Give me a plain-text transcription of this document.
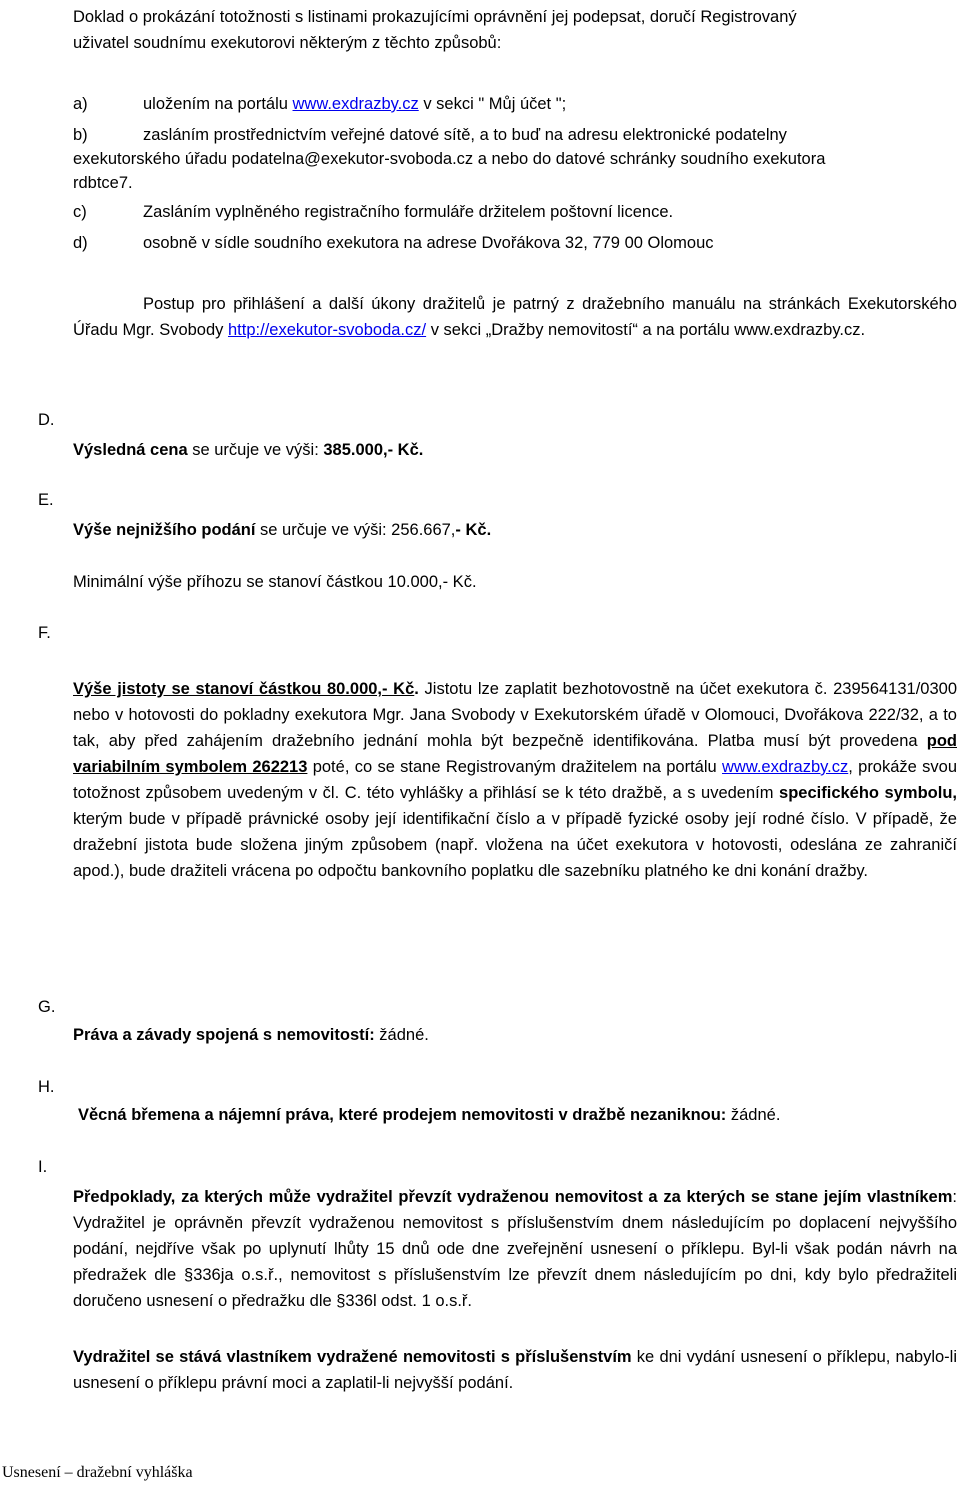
Doklad o prokázání totožnosti s listinami prokazujícími oprávnění jej podepsat, doručí Registrovaný
uživatel soudnímu exekutorovi některým z těchto způsobů:
a)	uložením na portálu www.exdrazby.cz v sekci " Můj účet ";
b)	zasláním prostřednictvím veřejné datové sítě, a to buď na adresu elektronické podatelny
exekutorského úřadu podatelna@exekutor-svoboda.cz a nebo do datové schránky soudního exekutora
rdbtce7.
c)	Zasláním vyplněného registračního formuláře držitelem poštovní licence.
d)	osobně v sídle soudního exekutora na adrese Dvořákova 32, 779 00 Olomouc
Postup pro přihlášení a další úkony dražitelů je patrný z dražebního manuálu na stránkách Exekutorského Úřadu Mgr. Svobody http://exekutor-svoboda.cz/ v sekci „Dražby nemovitostí“ a na portálu www.exdrazby.cz.
D.
Výsledná cena se určuje ve výši: 385.000,- Kč.
E.
Výše nejnižšího podání se určuje ve výši: 256.667,- Kč.
Minimální výše příhozu se stanoví částkou 10.000,- Kč.
F.
Výše jistoty se stanoví částkou 80.000,- Kč. Jistotu lze zaplatit bezhotovostně na účet exekutora č. 239564131/0300 nebo v hotovosti do pokladny exekutora Mgr. Jana Svobody v Exekutorském úřadě v Olomouci, Dvořákova 222/32, a to tak, aby před zahájením dražebního jednání mohla být bezpečně identifikována. Platba musí být provedena pod variabilním symbolem 262213 poté, co se stane Registrovaným dražitelem na portálu www.exdrazby.cz, prokáže svou totožnost způsobem uvedeným v čl. C. této vyhlášky a přihlásí se k této dražbě, a s uvedením specifického symbolu, kterým bude v případě právnické osoby její identifikační číslo a v případě fyzické osoby její rodné číslo. V případě, že dražební jistota bude složena jiným způsobem (např. vložena na účet exekutora v hotovosti, odeslána ze zahraničí apod.), bude dražiteli vrácena po odpočtu bankovního poplatku dle sazebníku platného ke dni konání dražby.
G.
Práva a závady spojená s nemovitostí: žádné.
H.
Věcná břemena a nájemní práva, které prodejem nemovitosti v dražbě nezaniknou: žádné.
I.
Předpoklady, za kterých může vydražitel převzít vydraženou nemovitost a za kterých se stane jejím vlastníkem: Vydražitel je oprávněn převzít vydraženou nemovitost s příslušenstvím dnem následujícím po doplacení nejvyššího podání, nejdříve však po uplynutí lhůty 15 dnů ode dne zveřejnění usnesení o příklepu. Byl-li však podán návrh na předražek dle §336ja o.s.ř., nemovitost s příslušenstvím lze převzít dnem následujícím po dni, kdy bylo předražiteli doručeno usnesení o předražku dle §336l odst. 1 o.s.ř.
Vydražitel se stává vlastníkem vydražené nemovitosti s příslušenstvím ke dni vydání usnesení o příklepu, nabylo-li usnesení o příklepu právní moci a zaplatil-li nejvyšší podání.
Usnesení – dražební vyhláška
